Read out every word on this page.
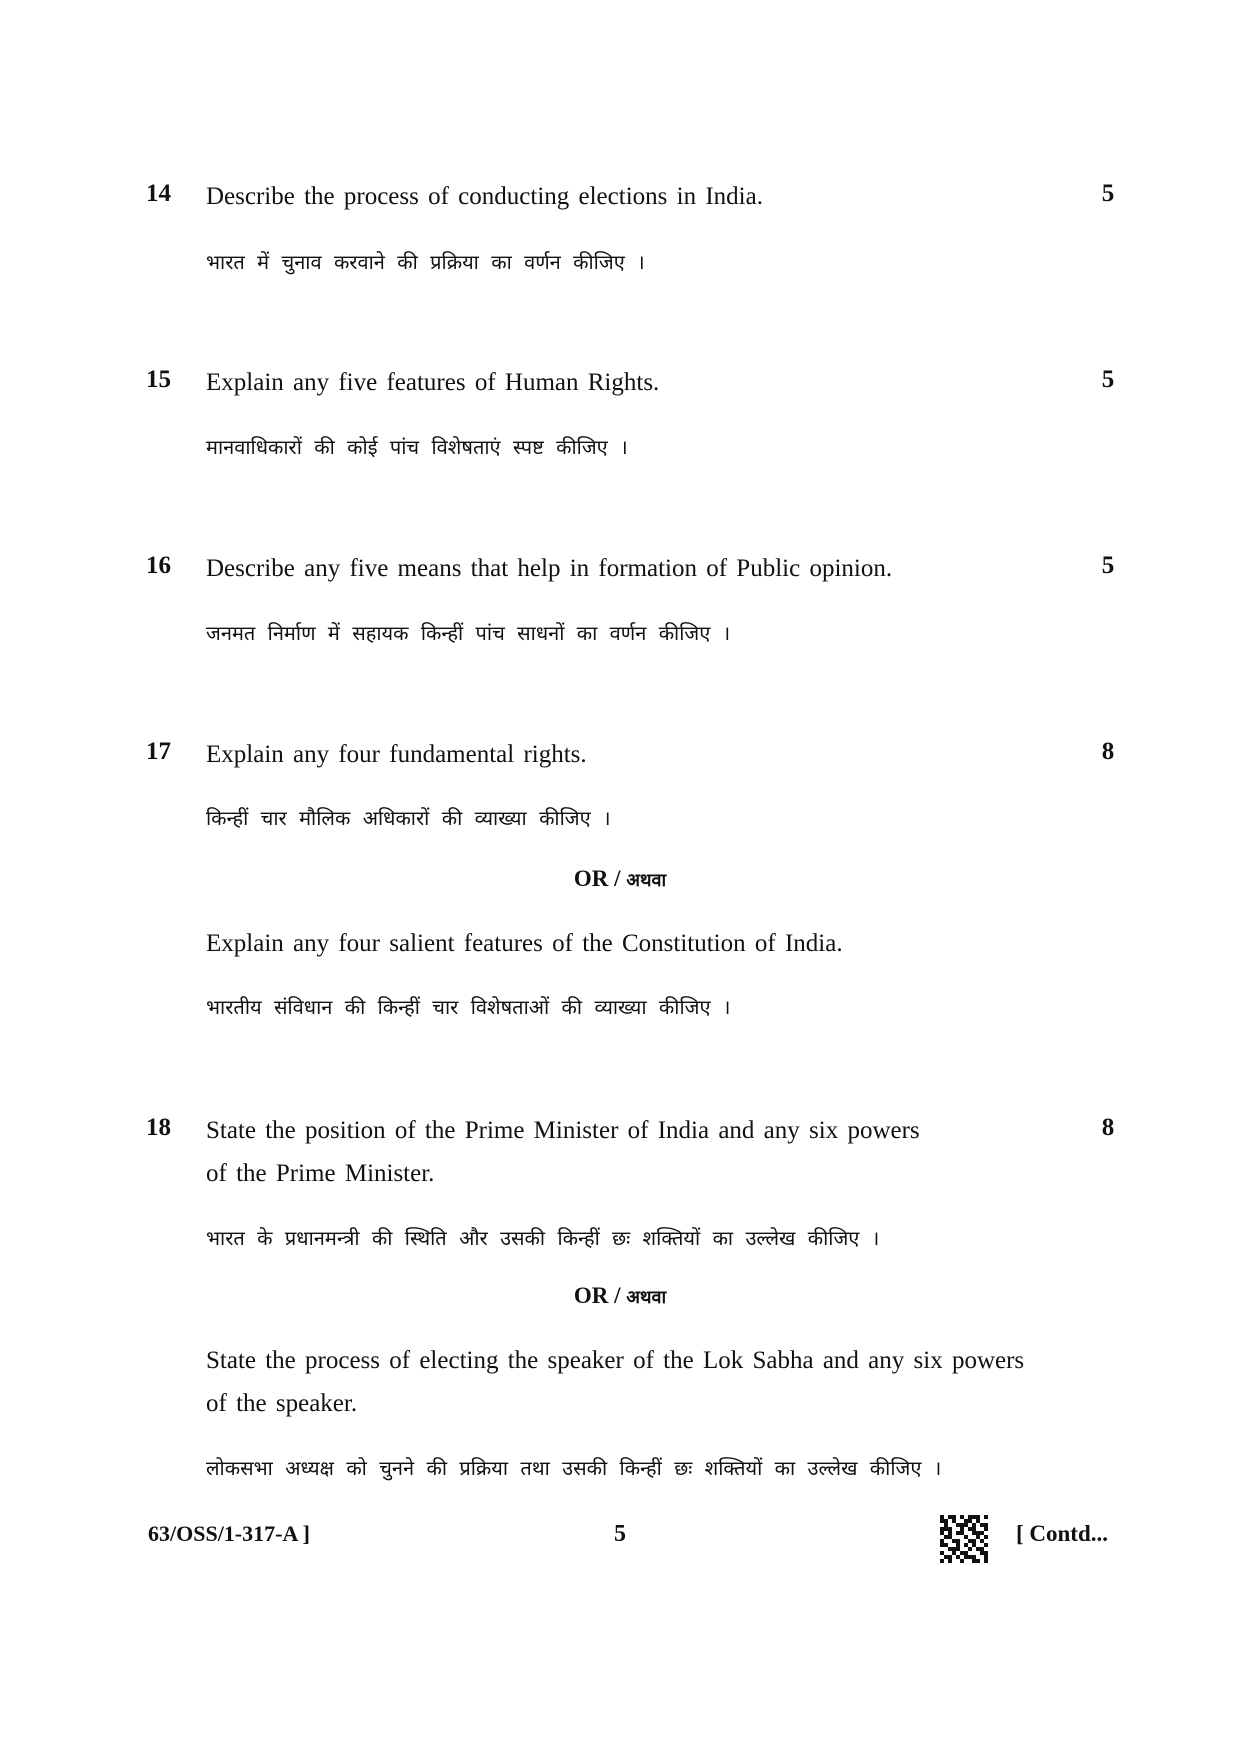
14 Describe the process of conducting elections in India.	5
भारत में चुनाव करवाने की प्रक्रिया का वर्णन कीजिए ।
15 Explain any five features of Human Rights.	5
मानवाधिकारों की कोई पांच विशेषताएं स्पष्ट कीजिए ।
16 Describe any five means that help in formation of Public opinion.	5
जनमत निर्माण में सहायक किन्हीं पांच साधनों का वर्णन कीजिए ।
17 Explain any four fundamental rights.	8
किन्हीं चार मौलिक अधिकारों की व्याख्या कीजिए ।
OR / अथवा
Explain any four salient features of the Constitution of India.
भारतीय संविधान की किन्हीं चार विशेषताओं की व्याख्या कीजिए ।
18 State the position of the Prime Minister of India and any six powers
of the Prime Minister.
8
भारत के प्रधानमन्त्री की स्थिति और उसकी किन्हीं छः शक्तियों का उल्लेख कीजिए ।
OR / अथवा
State the process of electing the speaker of the Lok Sabha and any six powers
of the speaker.
लोकसभा अध्यक्ष को चुनने की प्रक्रिया तथा उसकी किन्हीं छः शक्तियों का उल्लेख कीजिए ।
63/OSS/1-317-A ]	5	[ Contd...
